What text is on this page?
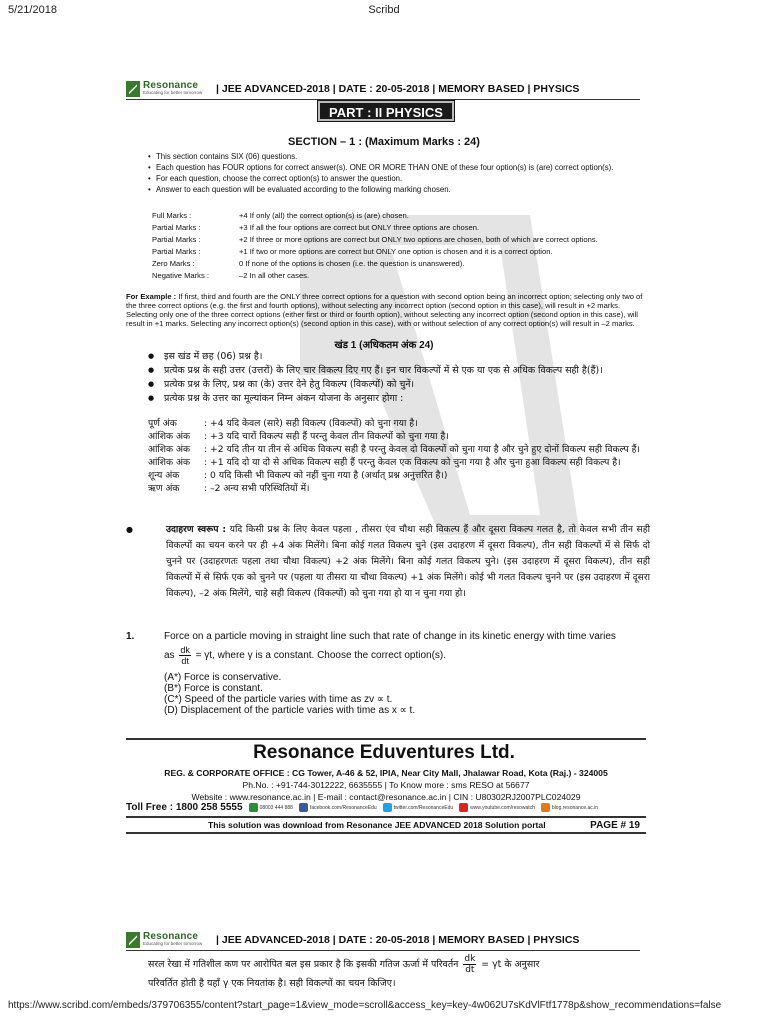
5/21/2018	Scribd
Resonance
Educating for better tomorrow | JEE ADVANCED-2018 | DATE : 20-05-2018 | MEMORY BASED | PHYSICS
PART : II PHYSICS
SECTION – 1 : (Maximum Marks : 24)
• This section contains SIX (06) questions.
• Each question has FOUR options for correct answer(s). ONE OR MORE THAN ONE of these four option(s) is (are) correct option(s).
• For each question, choose the correct option(s) to answer the question.
• Answer to each question will be evaluated according to the following marking chosen.
Full Marks :	+4 If only (all) the correct option(s) is (are) chosen.
Partial Marks :	+3 If all the four options are correct but ONLY three options are chosen.
Partial Marks :	+2 If three or more options are correct but ONLY two options are chosen, both of which are correct options.
Partial Marks :	+1 If two or more options are correct but ONLY one option is chosen and it is a correct option.
Zero Marks :	0 If none of the options is chosen (i.e. the question is unanswered).
Negative Marks :	–2 In all other cases.
For Example : If first, third and fourth are the ONLY three correct options for a question with second option being an incorrect option; selecting only two of the three correct options (e.g. the first and fourth options), without selecting any incorrect option (second option in this case), will result in +2 marks. Selecting only one of the three correct options (either first or third or fourth option), without selecting any incorrect option (second option in this case), will result in +1 marks. Selecting any incorrect option(s) (second option in this case), with or without selection of any correct option(s) will result in –2 marks.
खंड 1 (अधिकतम अंक 24)
● इस खंड में छह (06) प्रश्न है।
● प्रत्येक प्रश्न के सही उत्तर (उत्तरों) के लिए चार विकल्प दिए गए हैं। इन चार विकल्पों में से एक या एक से अधिक विकल्प सही है(हैं)।
● प्रत्येक प्रश्न के लिए, प्रश्न का (के) उत्तर देने हेतु विकल्प (विकल्पों) को चुनें।
● प्रत्येक प्रश्न के उत्तर का मूल्यांकन निम्न अंकन योजना के अनुसार होगा :
पूर्ण अंक	: +4 यदि केवल (सारे) सही विकल्प (विकल्पों) को चुना गया है।
आंशिक अंक	: +3 यदि चारों विकल्प सही हैं परन्तु केवल तीन विकल्पों को चुना गया है।
आंशिक अंक	: +2 यदि तीन या तीन से अधिक विकल्प सही है परन्तु केवल दो विकल्पों को चुना गया है और चुने हुए दोनों विकल्प सही विकल्प हैं।
आंशिक अंक	: +1 यदि दो या दो से अधिक विकल्प सही हैं परन्तु केवल एक विकल्प को चुना गया है और चुना हुआ विकल्प सही विकल्प है।
शून्य अंक	: 0 यदि किसी भी विकल्प को नहीं चुना गया है (अर्थात् प्रश्न अनुत्तरित है।)
ऋण अंक	: –2 अन्य सभी परिस्थितियों में।
●	उदाहरण स्वरूप : यदि किसी प्रश्न के लिए केवल पहला , तीसरा एंव चौथा सही विकल्प हैं और दूसरा विकल्प गलत है, तो केवल सभी तीन सही विकल्पों का चयन करने पर ही +4 अंक मिलेंगे। बिना कोई गलत विकल्प चुने (इस उदाहरण में दूसरा विकल्प), तीन सही विकल्पों में से सिर्फ दो चुनने पर (उदाहरणतः पहला तथा चौथा विकल्प) +2 अंक मिलेंगे। बिना कोई गलत विकल्प चुने। (इस उदाहरण में दूसरा विकल्प), तीन सही विकल्पों में से सिर्फ एक को चुनने पर (पहला या तीसरा या चौथा विकल्प) +1 अंक मिलेंगे। कोई भी गलत विकल्प चुनने पर (इस उदाहरण में दूसरा विकल्प), –2 अंक मिलेंगे, चाहे सही विकल्प (विकल्पों) को चुना गया हो या न चुना गया हो।
1.	Force on a particle moving in straight line such that rate of change in its kinetic energy with time varies
as $\frac{dk}{dt} = \gamma t$, where γ is a constant. Choose the correct option(s).
(A*) Force is conservative.
(B*) Force is constant.
(C*) Speed of the particle varies with time as zv ∝ t.
(D) Displacement of the particle varies with time as x ∝ t.
Resonance Eduventures Ltd.
REG. & CORPORATE OFFICE : CG Tower, A-46 & 52, IPIA, Near City Mall, Jhalawar Road, Kota (Raj.) - 324005
Ph.No. : +91-744-3012222, 6635555 | To Know more : sms RESO at 56677
Website : www.resonance.ac.in | E-mail : contact@resonance.ac.in | CIN : U80302RJ2007PLC024029
Toll Free : 1800 258 5555	08003 444 888	facebook.com/ResonanceEdu	twitter.com/ResonanceEdu	www.youtube.com/resowatch	blog.resonance.ac.in
This solution was download from Resonance JEE ADVANCED 2018 Solution portal	PAGE # 19
Resonance
Educating for better tomorrow | JEE ADVANCED-2018 | DATE : 20-05-2018 | MEMORY BASED | PHYSICS
सरल रेखा में गतिशील कण पर आरोपित बल इस प्रकार है कि इसकी गतिज ऊर्जा में परिवर्तन $\frac{dk}{dt} = \gamma t$ के अनुसार
परिवर्तित होती है यहाँ γ एक नियतांक है। सही विकल्पों का चयन किजिए।
https://www.scribd.com/embeds/379706355/content?start_page=1&view_mode=scroll&access_key=key-4w062U7sKdVlFtf1778p&show_recommendations=false
